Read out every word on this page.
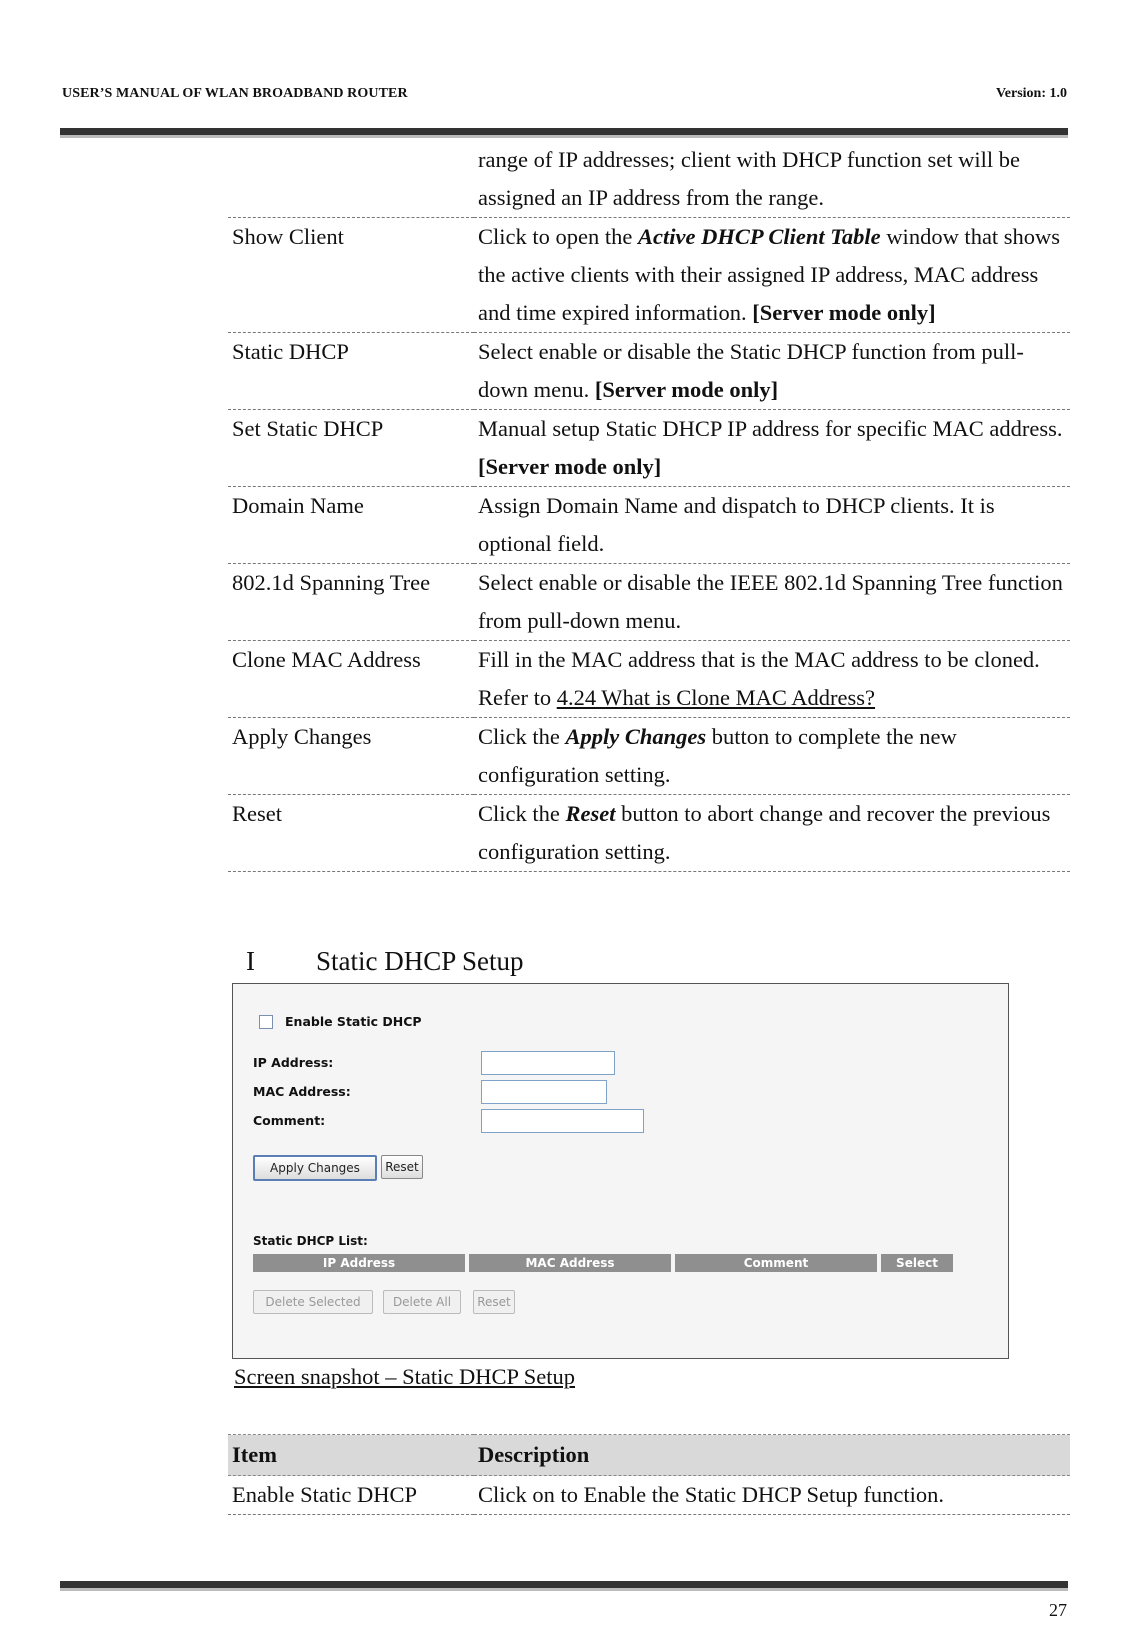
USER’S MANUAL OF WLAN BROADBAND ROUTER	Version: 1.0
	range of IP addresses; client with DHCP function set will be assigned an IP address from the range.
Show Client	Click to open the Active DHCP Client Table window that shows the active clients with their assigned IP address, MAC address and time expired information. [Server mode only]
Static DHCP	Select enable or disable the Static DHCP function from pull-down menu. [Server mode only]
Set Static DHCP	Manual setup Static DHCP IP address for specific MAC address. [Server mode only]
Domain Name	Assign Domain Name and dispatch to DHCP clients. It is optional field.
802.1d Spanning Tree	Select enable or disable the IEEE 802.1d Spanning Tree function from pull-down menu.
Clone MAC Address	Fill in the MAC address that is the MAC address to be cloned. Refer to 4.24 What is Clone MAC Address?
Apply Changes	Click the Apply Changes button to complete the new configuration setting.
Reset	Click the Reset button to abort change and recover the previous configuration setting.
I Static DHCP Setup
Enable Static DHCP
IP Address:
MAC Address:
Comment:
Apply Changes	Reset
Static DHCP List:
IP Address	MAC Address	Comment	Select
Delete Selected	Delete All	Reset
Screen snapshot – Static DHCP Setup
Item	Description
Enable Static DHCP	Click on to Enable the Static DHCP Setup function.
27
